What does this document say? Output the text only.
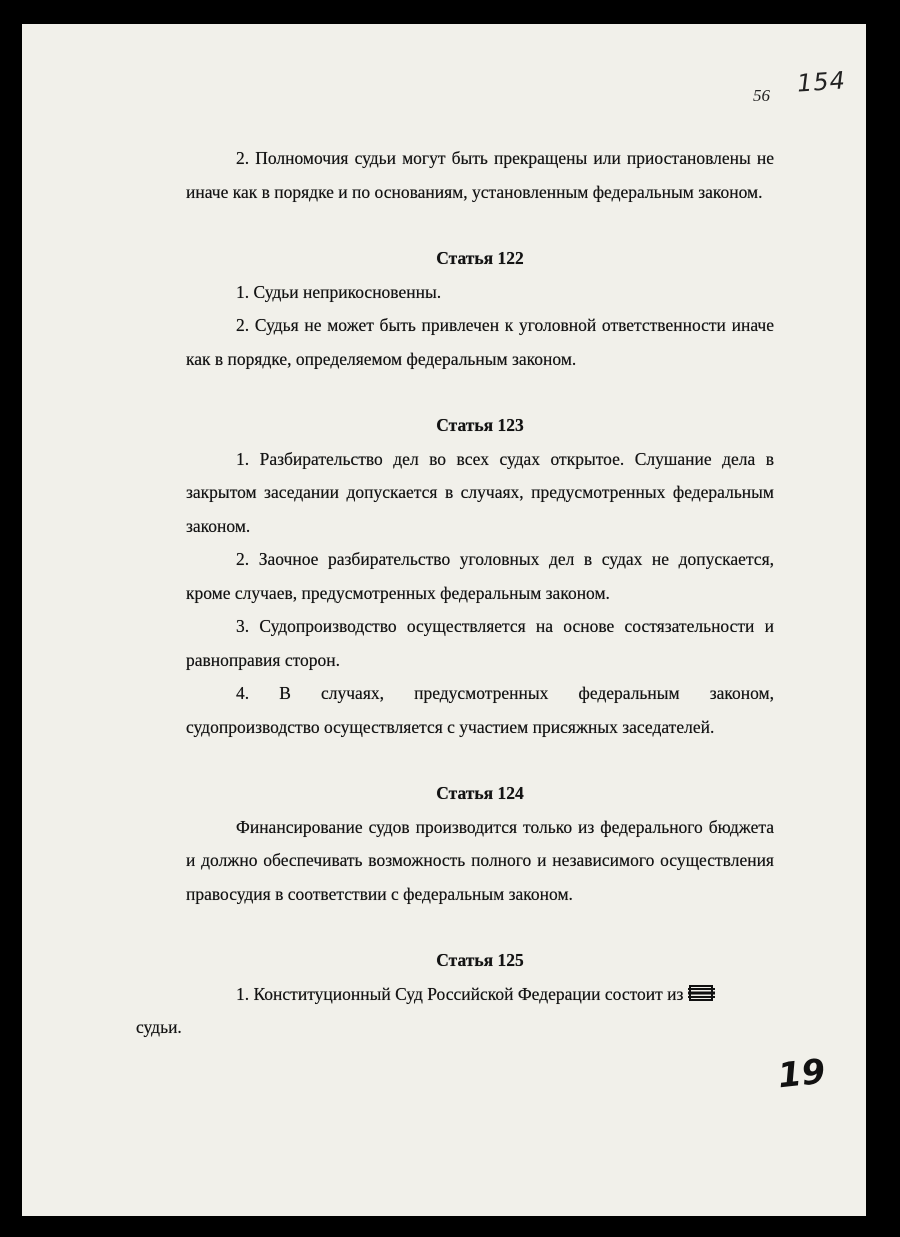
56 154

2. Полномочия судьи могут быть прекращены или приостановлены не иначе как в порядке и по основаниям, установленным федеральным законом.

Статья 122

1. Судьи неприкосновенны.

2. Судья не может быть привлечен к уголовной ответственности иначе как в порядке, определяемом федеральным законом.

Статья 123

1. Разбирательство дел во всех судах открытое. Слушание дела в закрытом заседании допускается в случаях, предусмотренных федеральным законом.

2. Заочное разбирательство уголовных дел в судах не допускается, кроме случаев, предусмотренных федеральным законом.

3. Судопроизводство осуществляется на основе состязательности и равноправия сторон.

4. В случаях, предусмотренных федеральным законом, судопроизводство осуществляется с участием присяжных заседателей.

Статья 124

Финансирование судов производится только из федерального бюджета и должно обеспечивать возможность полного и независимого осуществления правосудия в соответствии с федеральным законом.

Статья 125

1. Конституционный Суд Российской Федерации состоит из

судьи.

19
